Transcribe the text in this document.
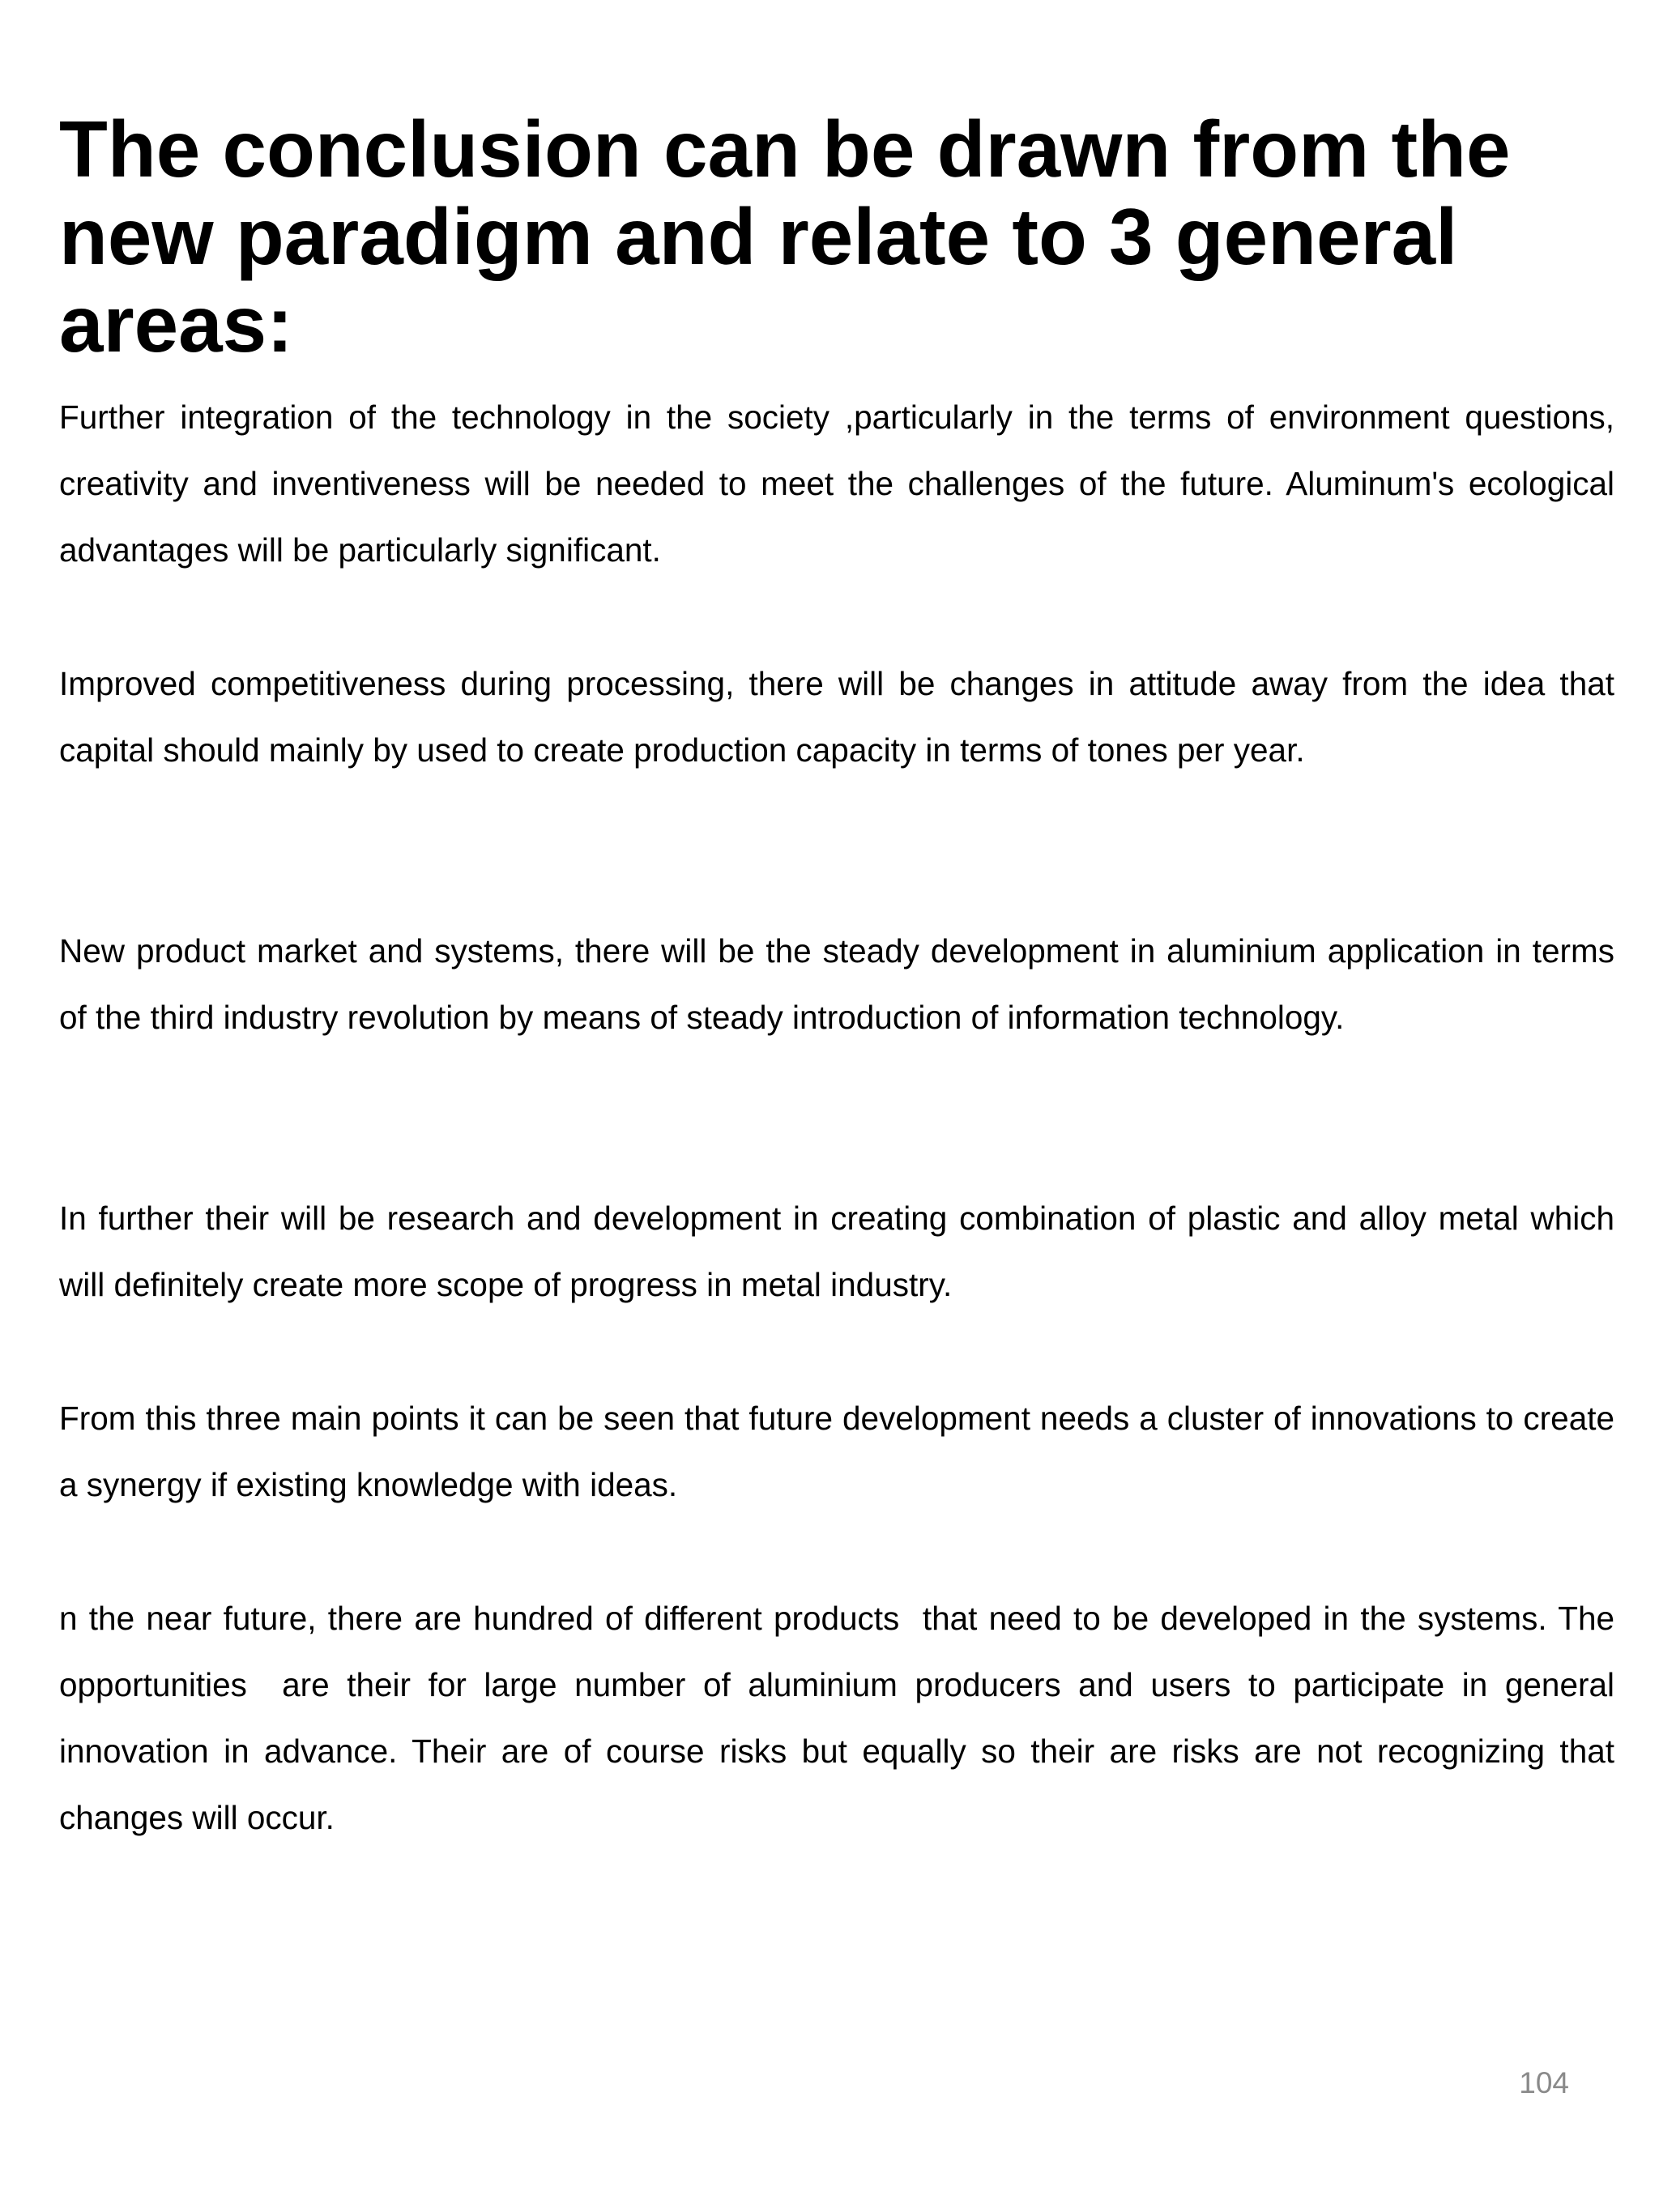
The conclusion can be drawn from the new paradigm and relate to 3 general areas:

Further integration of the technology in the society ,particularly in the terms of environment questions, creativity and inventiveness will be needed to meet the challenges of the future. Aluminum's ecological advantages will be particularly significant.

Improved competitiveness during processing, there will be changes in attitude away from the idea that capital should mainly by used to create production capacity in terms of tones per year.

New product market and systems, there will be the steady development in aluminium application in terms of the third industry revolution by means of steady introduction of information technology.

In further their will be research and development in creating combination of plastic and alloy metal which will definitely create more scope of progress in metal industry.

From this three main points it can be seen that future development needs a cluster of innovations to create a synergy if existing knowledge with ideas.

n the near future, there are hundred of different products  that need to be developed in the systems. The opportunities  are their for large number of aluminium producers and users to participate in general innovation in advance. Their are of course risks but equally so their are risks are not recognizing that changes will occur.

104
